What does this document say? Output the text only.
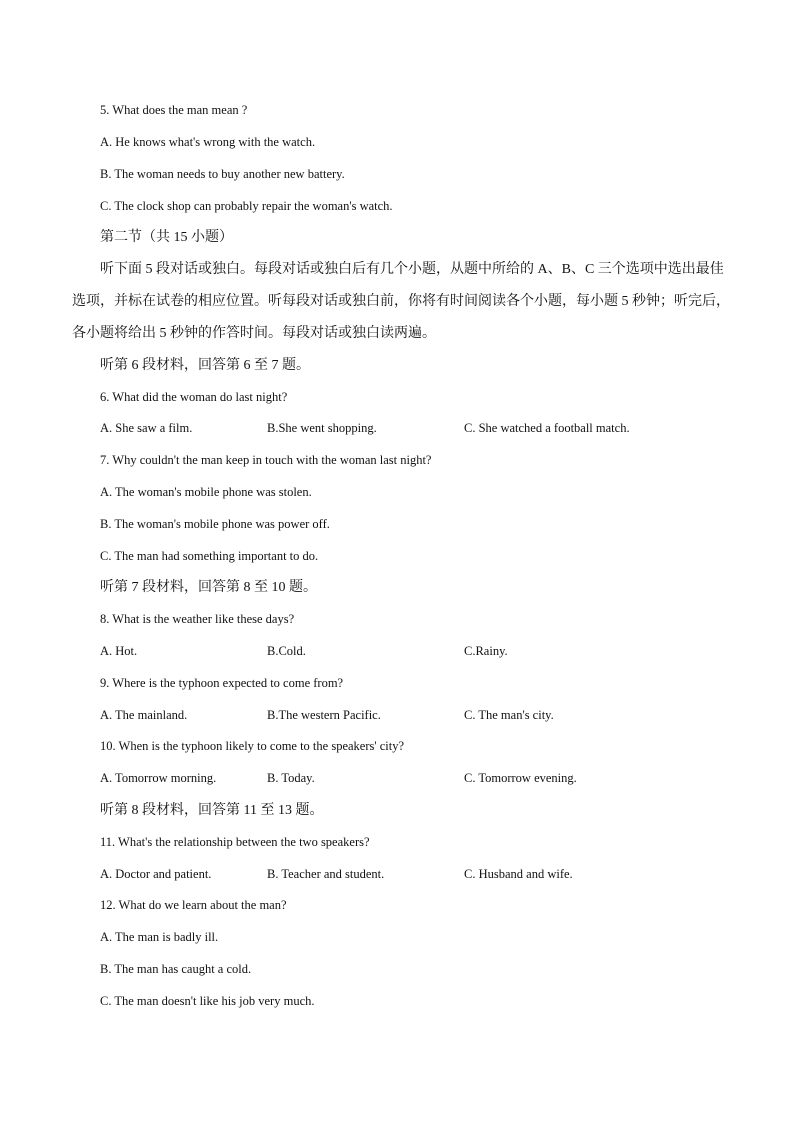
5. What does the man mean ?
A. He knows what's wrong with the watch.
B. The woman needs to buy another new battery.
C. The clock shop can probably repair the woman's watch.
第二节（共 15 小题）
听下面 5 段对话或独白。每段对话或独白后有几个小题，从题中所给的 A、B、C 三个选项中选出最佳
选项，并标在试卷的相应位置。听每段对话或独白前，你将有时间阅读各个小题，每小题 5 秒钟；听完后，
各小题将给出 5 秒钟的作答时间。每段对话或独白读两遍。
听第 6 段材料，回答第 6 至 7 题。
6. What did the woman do last night?
A. She saw a film.	B.She went shopping.	C. She watched a football match.
7. Why couldn't the man keep in touch with the woman last night?
A. The woman's mobile phone was stolen.
B. The woman's mobile phone was power off.
C. The man had something important to do.
听第 7 段材料，回答第 8 至 10 题。
8. What is the weather like these days?
A. Hot.	B.Cold.	C.Rainy.
9. Where is the typhoon expected to come from?
A. The mainland.	B.The western Pacific.	C. The man's city.
10. When is the typhoon likely to come to the speakers' city?
A. Tomorrow morning.	B. Today.	C. Tomorrow evening.
听第 8 段材料，回答第 11 至 13 题。
11. What's the relationship between the two speakers?
A. Doctor and patient.	B. Teacher and student.	C. Husband and wife.
12. What do we learn about the man?
A. The man is badly ill.
B. The man has caught a cold.
C. The man doesn't like his job very much.
